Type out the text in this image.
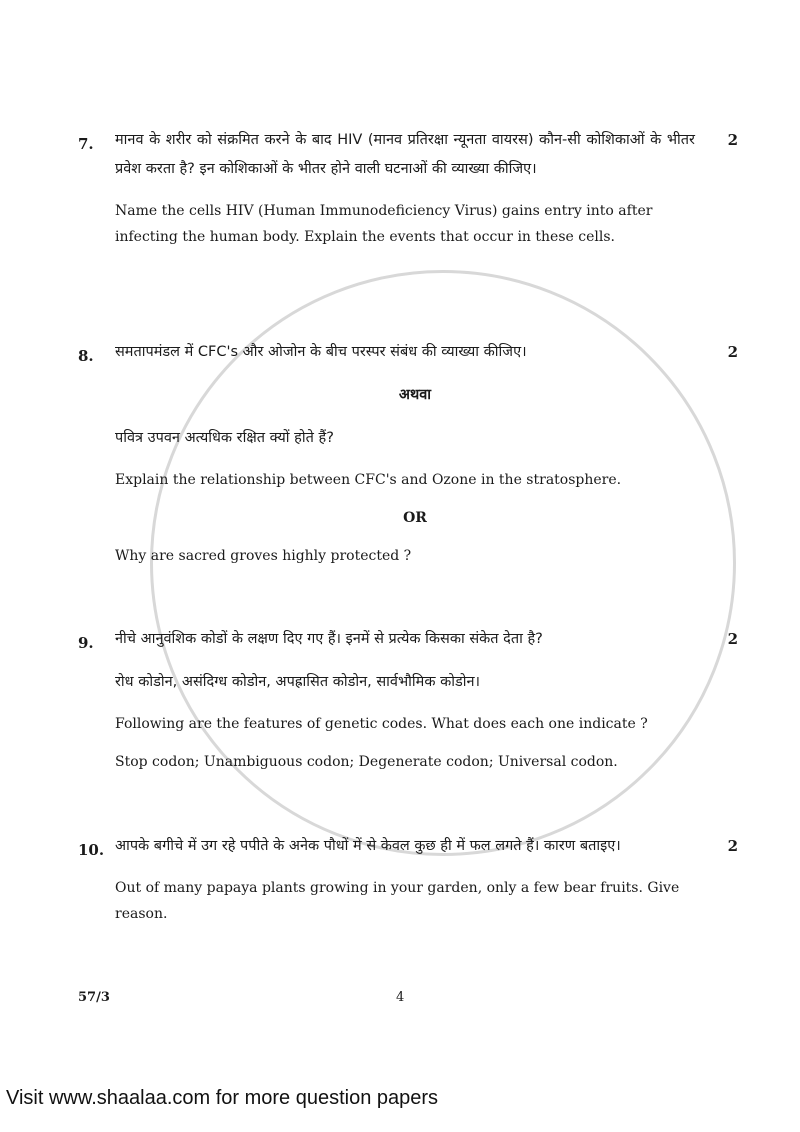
7.	मानव के शरीर को संक्रमित करने के बाद HIV (मानव प्रतिरक्षा न्यूनता वायरस) कौन-सी कोशिकाओं के भीतर प्रवेश करता है? इन कोशिकाओं के भीतर होने वाली घटनाओं की व्याख्या कीजिए।

Name the cells HIV (Human Immunodeficiency Virus) gains entry into after infecting the human body. Explain the events that occur in these cells.

2
8.	समतापमंडल में CFC's और ओजोन के बीच परस्पर संबंध की व्याख्या कीजिए।

अथवा

पवित्र उपवन अत्यधिक रक्षित क्यों होते हैं?

Explain the relationship between CFC's and Ozone in the stratosphere.

OR

Why are sacred groves highly protected ?

2
9.	नीचे आनुवंशिक कोडों के लक्षण दिए गए हैं। इनमें से प्रत्येक किसका संकेत देता है?

रोध कोडोन, असंदिग्ध कोडोन, अपह्रासित कोडोन, सार्वभौमिक कोडोन।

Following are the features of genetic codes. What does each one indicate ?

Stop codon; Unambiguous codon; Degenerate codon; Universal codon.

2
10. आपके बगीचे में उग रहे पपीते के अनेक पौधों में से केवल कुछ ही में फल लगते हैं। कारण बताइए।

Out of many papaya plants growing in your garden, only a few bear fruits. Give reason.

2
57/3	4
Visit www.shaalaa.com for more question papers
